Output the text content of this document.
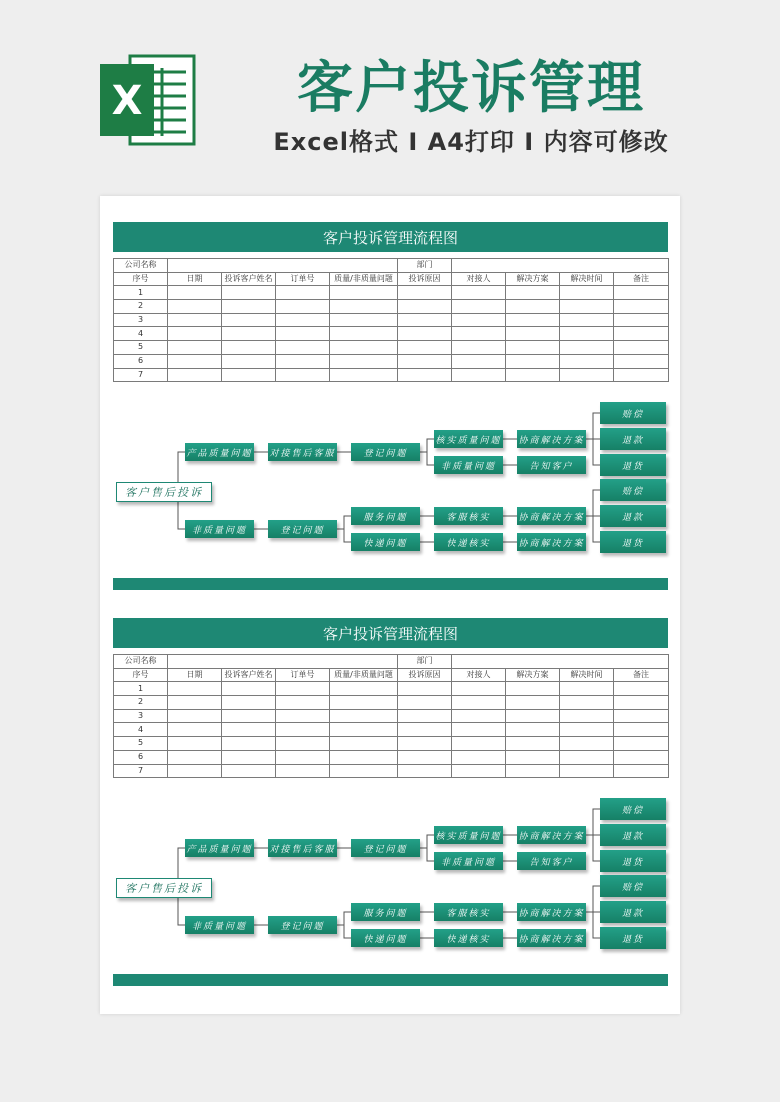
X	客户投诉管理
Excel格式 Ⅰ A4打印 Ⅰ 内容可修改
客户投诉管理流程图
公司名称					部门				
序号	日期	投诉客户姓名	订单号	质量/非质量问题	投诉原因	对接人	解决方案	解决时间	备注
1									
2									
3									
4									
5									
6									
7									
客户售后投诉
产品质量问题
非质量问题
对接售后客服	登记问题
登记问题
核实质量问题
非质量问题
协商解决方案
告知客户
服务问题
快递问题
客服核实
快递核实
协商解决方案
协商解决方案
赔偿
退款
退货
赔偿
退款
退货
客户投诉管理流程图
公司名称					部门				
序号	日期	投诉客户姓名	订单号	质量/非质量问题	投诉原因	对接人	解决方案	解决时间	备注
1									
2									
3									
4									
5									
6									
7									
客户售后投诉
产品质量问题
非质量问题
对接售后客服	登记问题
登记问题
核实质量问题
非质量问题
协商解决方案
告知客户
服务问题
快递问题
客服核实
快递核实
协商解决方案
协商解决方案
赔偿
退款
退货
赔偿
退款
退货
